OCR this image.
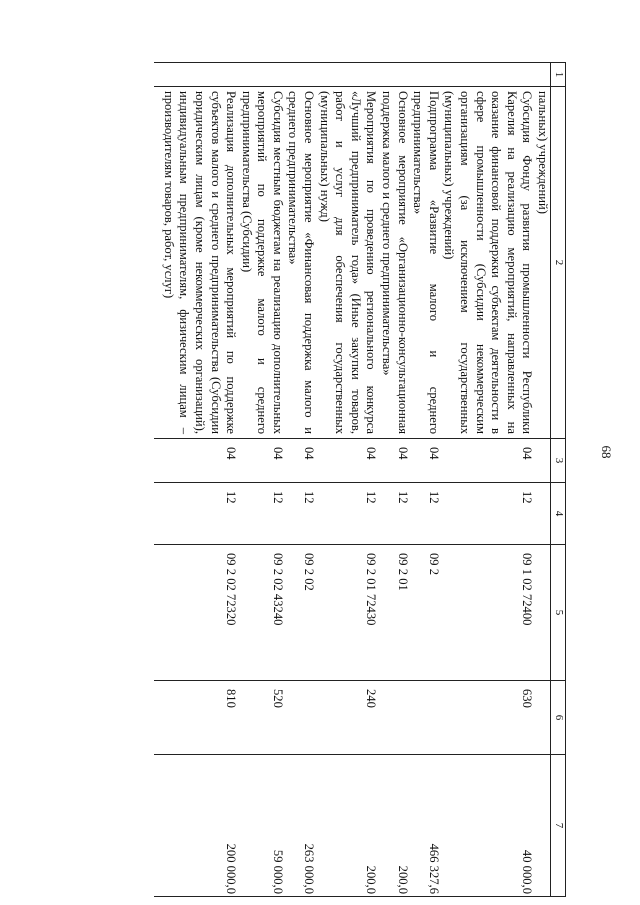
68
1	2	3	4	5	6	7
	пальных) учреждений)					
	Субсидия Фонду развития промышленности Республики Карелия на реализацию мероприятий, направленных на оказание финансовой поддержки субъектам деятельности в сфере промышленности (Субсидии некоммерческим организациям (за исключением государственных (муниципальных) учреждений)	04	12	09 1 02 72400	630	40 000,0
	Подпрограмма «Развитие малого и среднего предпринимательства»	04	12	09 2		466 327,6
	Основное мероприятие «Организационно-консультационная поддержка малого и среднего предпринимательства»	04	12	09 2 01		200,0
	Мероприятия по проведению регионального конкурса «Лучший предприниматель года» (Иные закупки товаров, работ и услуг для обеспечения государственных (муниципальных) нужд)	04	12	09 2 01 72430	240	200,0
	Основное мероприятие «Финансовая поддержка малого и среднего предпринимательства»	04	12	09 2 02		263 000,0
	Субсидия местным бюджетам на реализацию дополнительных мероприятий по поддержке малого и среднего предпринимательства (Субсидии)	04	12	09 2 02 43240	520	59 000,0
	Реализация дополнительных мероприятий по поддержке субъектов малого и среднего предпринимательства (Субсидии юридическим лицам (кроме некоммерческих организаций), индивидуальным предпринимателям, физическим лицам – производителям товаров, работ, услуг)	04	12	09 2 02 72320	810	200 000,0
